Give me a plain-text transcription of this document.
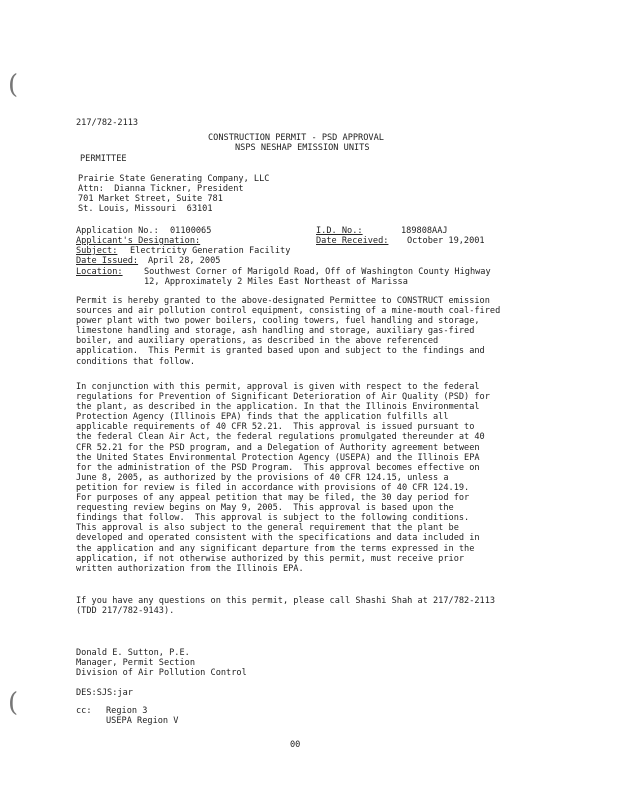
(
(
217/782-2113
CONSTRUCTION PERMIT - PSD APPROVAL
NSPS NESHAP EMISSION UNITS
PERMITTEE
Prairie State Generating Company, LLC
Attn:  Dianna Tickner, President
701 Market Street, Suite 781
St. Louis, Missouri  63101
Application No.: 01100065	I.D. No.:	189808AAJ
Applicant's Designation:	Date Received: October 19,2001
Subject: Electricity Generation Facility
Date Issued: April 28, 2005
Location: Southwest Corner of Marigold Road, Off of Washington County Highway
12, Approximately 2 Miles East Northeast of Marissa
Permit is hereby granted to the above-designated Permittee to CONSTRUCT emission
sources and air pollution control equipment, consisting of a mine-mouth coal-fired
power plant with two power boilers, cooling towers, fuel handling and storage,
limestone handling and storage, ash handling and storage, auxiliary gas-fired
boiler, and auxiliary operations, as described in the above referenced
application.  This Permit is granted based upon and subject to the findings and
conditions that follow.
In conjunction with this permit, approval is given with respect to the federal
regulations for Prevention of Significant Deterioration of Air Quality (PSD) for
the plant, as described in the application. In that the Illinois Environmental
Protection Agency (Illinois EPA) finds that the application fulfills all
applicable requirements of 40 CFR 52.21.  This approval is issued pursuant to
the federal Clean Air Act, the federal regulations promulgated thereunder at 40
CFR 52.21 for the PSD program, and a Delegation of Authority agreement between
the United States Environmental Protection Agency (USEPA) and the Illinois EPA
for the administration of the PSD Program.  This approval becomes effective on
June 8, 2005, as authorized by the provisions of 40 CFR 124.15, unless a
petition for review is filed in accordance with provisions of 40 CFR 124.19.
For purposes of any appeal petition that may be filed, the 30 day period for
requesting review begins on May 9, 2005.  This approval is based upon the
findings that follow.  This approval is subject to the following conditions.
This approval is also subject to the general requirement that the plant be
developed and operated consistent with the specifications and data included in
the application and any significant departure from the terms expressed in the
application, if not otherwise authorized by this permit, must receive prior
written authorization from the Illinois EPA.
If you have any questions on this permit, please call Shashi Shah at 217/782-2113
(TDD 217/782-9143).
Donald E. Sutton, P.E.
Manager, Permit Section
Division of Air Pollution Control
DES:SJS:jar
cc: Region 3
USEPA Region V
00
